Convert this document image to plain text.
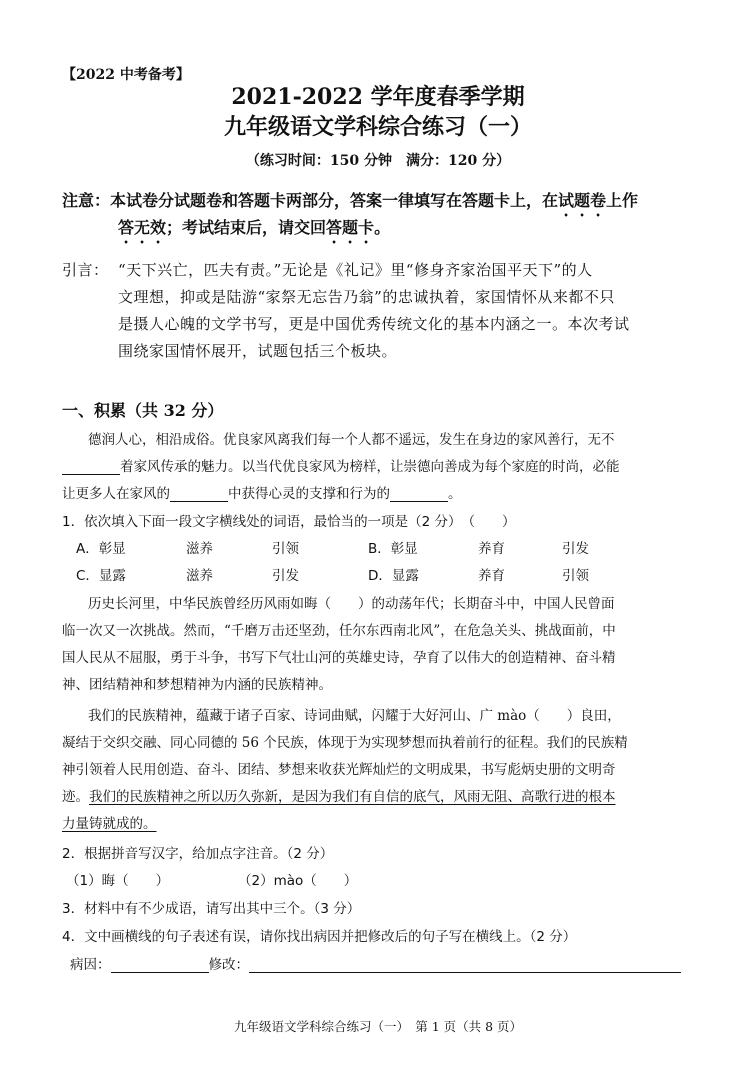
【2022 中考备考】
2021-2022 学年度春季学期
九年级语文学科综合练习（一）
（练习时间：150 分钟　满分：120 分）
注意：本试卷分试题卷和答题卡两部分，答案一律填写在答题卡上，在试题卷上作
答无效；考试结束后，请交回答题卡。
引言： “天下兴亡，匹夫有责。”无论是《礼记》里“修身齐家治国平天下”的人
文理想，抑或是陆游“家祭无忘告乃翁”的忠诚执着，家国情怀从来都不只
是摄人心魄的文学书写，更是中国优秀传统文化的基本内涵之一。本次考试
围绕家国情怀展开，试题包括三个板块。
一、积累（共 32 分）
德润人心，相沿成俗。优良家风离我们每一个人都不遥远，发生在身边的家风善行，无不
着家风传承的魅力。以当代优良家风为榜样，让崇德向善成为每个家庭的时尚，必能
让更多人在家风的	中获得心灵的支撑和行为的	。
1．依次填入下面一段文字横线处的词语，最恰当的一项是（2 分）　（　　）
A．彰显	滋养	引领	B．彰显	养育	引发
C．显露	滋养	引发	D．显露	养育	引领
历史长河里，中华民族曾经历风雨如晦（　　）的动荡年代；长期奋斗中，中国人民曾面
临一次又一次挑战。然而，“千磨万击还坚劲，任尔东西南北风”，在危急关头、挑战面前，中
国人民从不屈服，勇于斗争，书写下气壮山河的英雄史诗，孕育了以伟大的创造精神、奋斗精
神、团结精神和梦想精神为内涵的民族精神。
我们的民族精神，蕴藏于诸子百家、诗词曲赋，闪耀于大好河山、广 mào（　　）良田，
凝结于交织交融、同心同德的 56 个民族，体现于为实现梦想而执着前行的征程。我们的民族精
神引领着人民用创造、奋斗、团结、梦想来收获光辉灿烂的文明成果，书写彪炳史册的文明奇
迹。我们的民族精神之所以历久弥新，是因为我们有自信的底气，风雨无阻、高歌行进的根本
力量铸就成的。
2．根据拼音写汉字，给加点字注音。（2 分）
（1）晦（　　）	（2）mào（　　）
3．材料中有不少成语，请写出其中三个。（3 分）
4．文中画横线的句子表述有误，请你找出病因并把修改后的句子写在横线上。（2 分）
病因：	修改：
九年级语文学科综合练习（一）　第 1 页（共 8 页）
